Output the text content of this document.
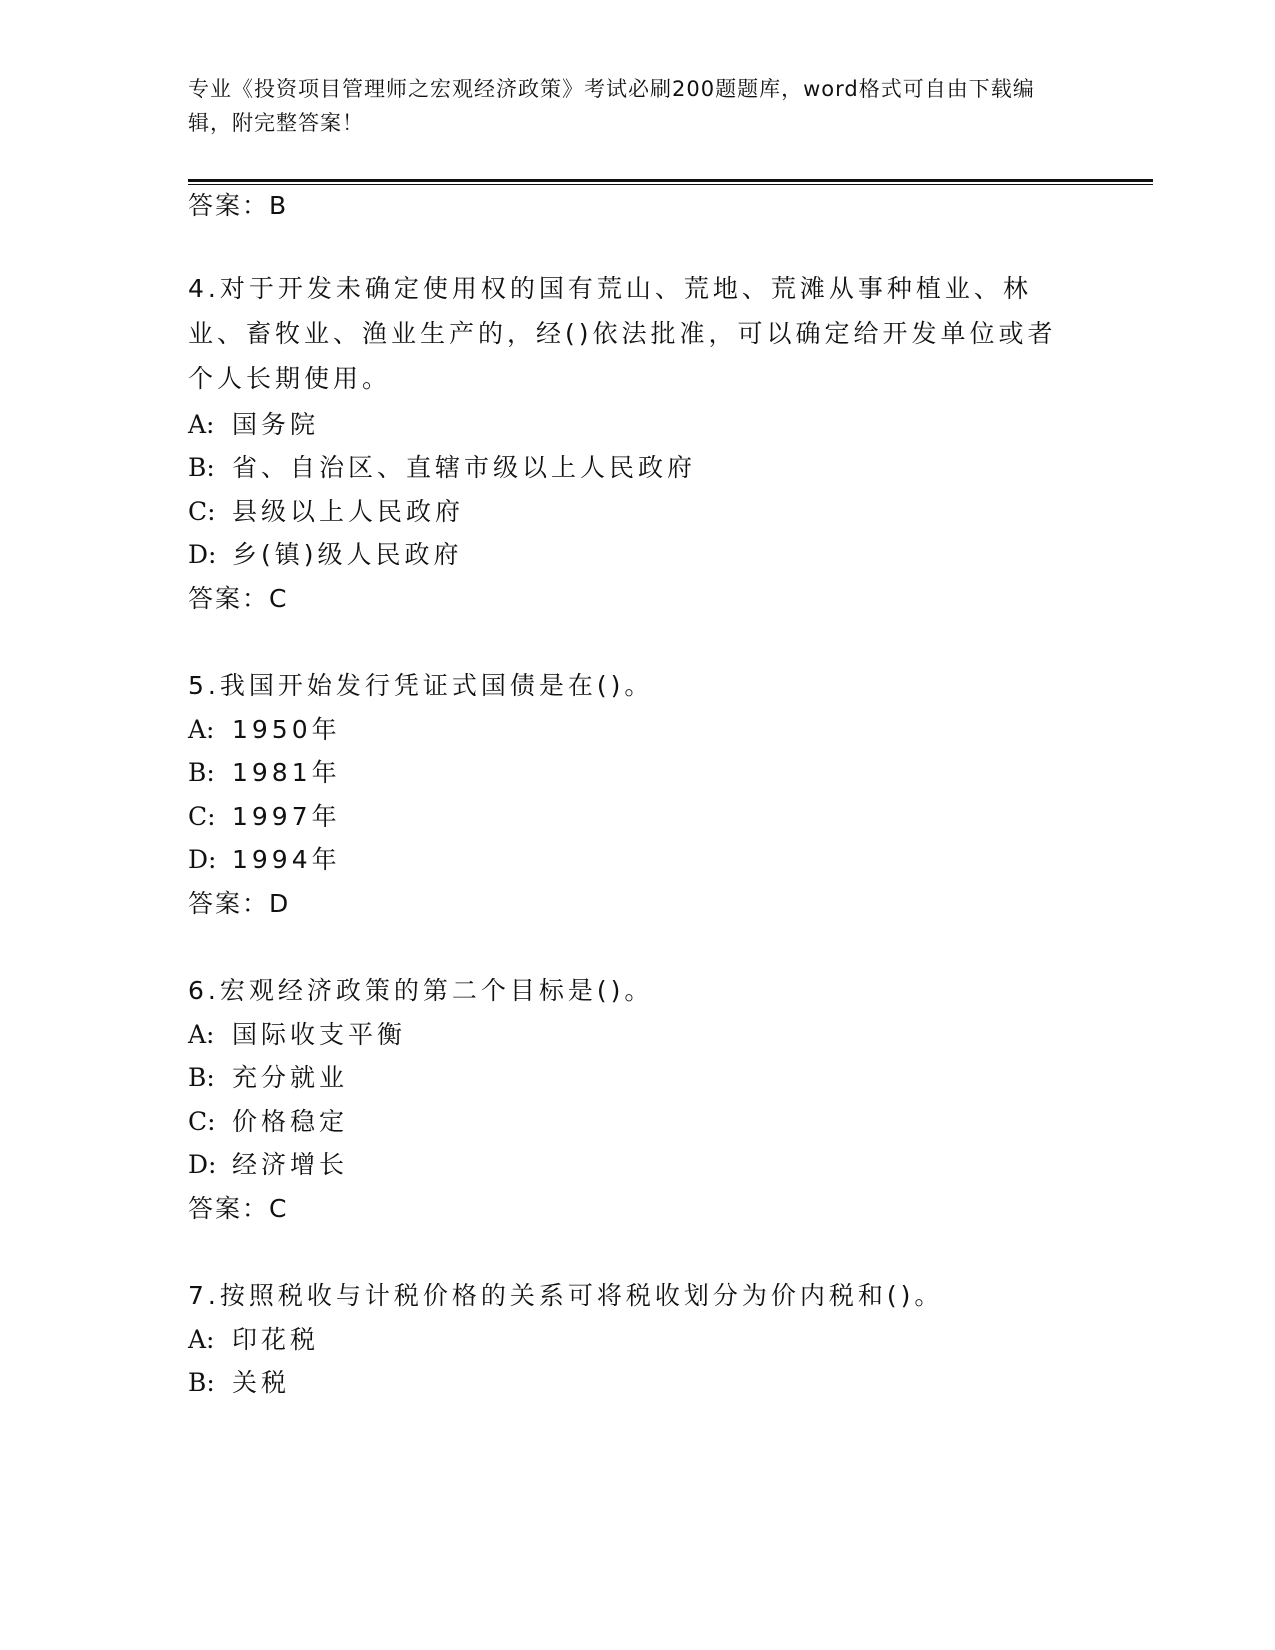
专业《投资项目管理师之宏观经济政策》考试必刷200题题库，word格式可自由下载编辑，附完整答案！
答案：B
4.对于开发未确定使用权的国有荒山、荒地、荒滩从事种植业、林业、畜牧业、渔业生产的，经()依法批准，可以确定给开发单位或者个人长期使用。
A: 国务院
B: 省、自治区、直辖市级以上人民政府
C: 县级以上人民政府
D: 乡(镇)级人民政府
答案：C
5.我国开始发行凭证式国债是在()。
A: 1950年
B: 1981年
C: 1997年
D: 1994年
答案：D
6.宏观经济政策的第二个目标是()。
A: 国际收支平衡
B: 充分就业
C: 价格稳定
D: 经济增长
答案：C
7.按照税收与计税价格的关系可将税收划分为价内税和()。
A: 印花税
B: 关税
